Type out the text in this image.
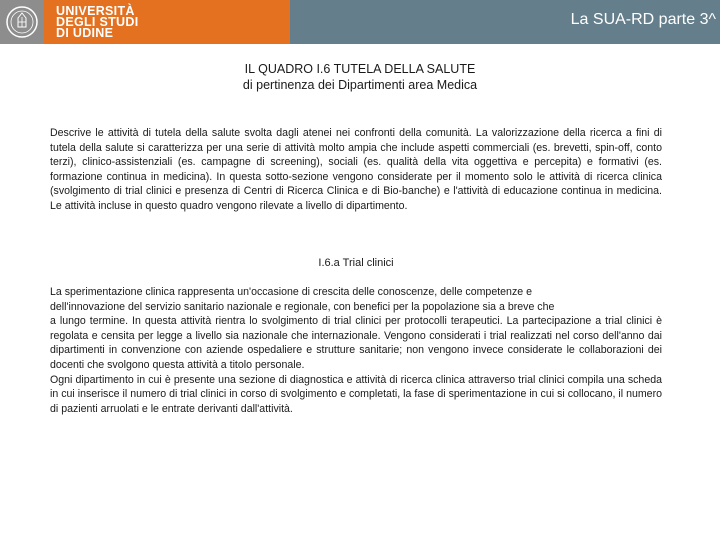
UNIVERSITÀ
DEGLI STUDI
DI UDINE
La SUA-RD parte 3^
IL QUADRO I.6 TUTELA DELLA SALUTE
di pertinenza dei Dipartimenti area Medica
Descrive le attività di tutela della salute svolta dagli atenei nei confronti della comunità. La valorizzazione della ricerca a fini di tutela della salute si caratterizza per una serie di attività molto ampia che include aspetti commerciali (es. brevetti, spin-off, conto terzi), clinico-assistenziali (es. campagne di screening), sociali (es. qualità della vita oggettiva e percepita) e formativi (es. formazione continua in medicina). In questa sotto-sezione vengono considerate per il momento solo le attività di ricerca clinica (svolgimento di trial clinici e presenza di Centri di Ricerca Clinica e di Bio-banche) e l'attività di educazione continua in medicina. Le attività incluse in questo quadro vengono rilevate a livello di dipartimento.
I.6.a Trial clinici
La sperimentazione clinica rappresenta un'occasione di crescita delle conoscenze, delle competenze e
dell'innovazione del servizio sanitario nazionale e regionale, con benefici per la popolazione sia a breve che
a lungo termine. In questa attività rientra lo svolgimento di trial clinici per protocolli terapeutici. La partecipazione a trial clinici è regolata e censita per legge a livello sia nazionale che internazionale. Vengono considerati i trial realizzati nel corso dell'anno dai dipartimenti in convenzione con aziende ospedaliere e strutture sanitarie; non vengono invece considerate le collaborazioni dei docenti che svolgono questa attività a titolo personale.
Ogni dipartimento in cui è presente una sezione di diagnostica e attività di ricerca clinica attraverso trial clinici compila una scheda in cui inserisce il numero di trial clinici in corso di svolgimento e completati, la fase di sperimentazione in cui si collocano, il numero di pazienti arruolati e le entrate derivanti dall'attività.
